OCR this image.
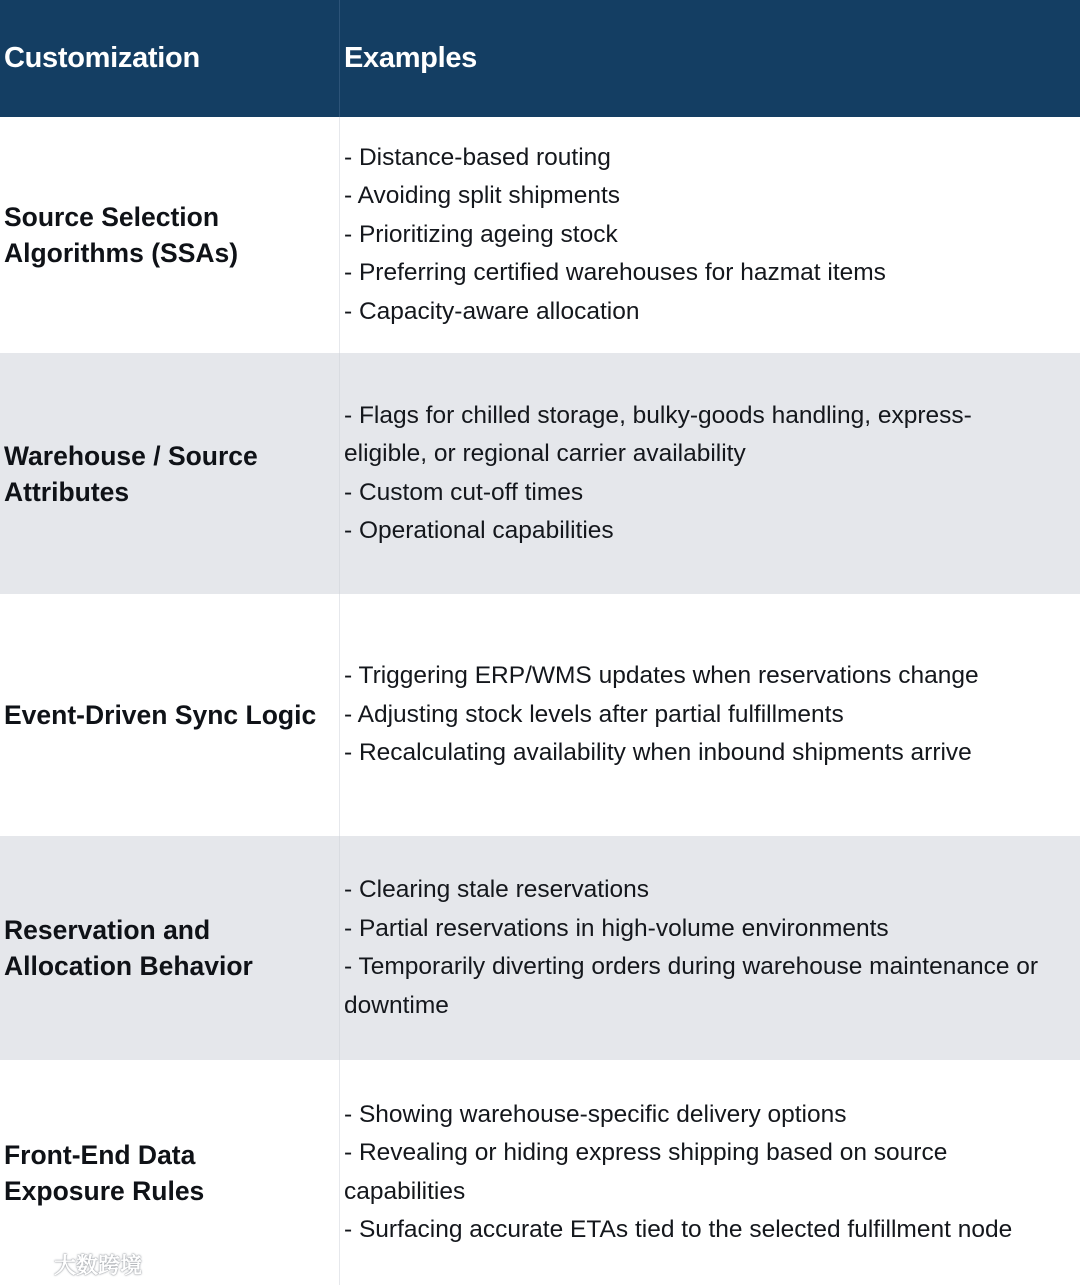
Customization	Examples
Source Selection
Algorithms (SSAs)
- Distance-based routing
- Avoiding split shipments
- Prioritizing ageing stock
- Preferring certified warehouses for hazmat items
- Capacity-aware allocation
Warehouse / Source
Attributes
- Flags for chilled storage, bulky-goods handling, express-eligible, or regional carrier availability
- Custom cut-off times
- Operational capabilities
Event-Driven Sync Logic
- Triggering ERP/WMS updates when reservations change
- Adjusting stock levels after partial fulfillments
- Recalculating availability when inbound shipments arrive
Reservation and
Allocation Behavior
- Clearing stale reservations
- Partial reservations in high-volume environments
- Temporarily diverting orders during warehouse maintenance or downtime
Front-End Data
Exposure Rules
- Showing warehouse-specific delivery options
- Revealing or hiding express shipping based on source capabilities
- Surfacing accurate ETAs tied to the selected fulfillment node
大数跨境
